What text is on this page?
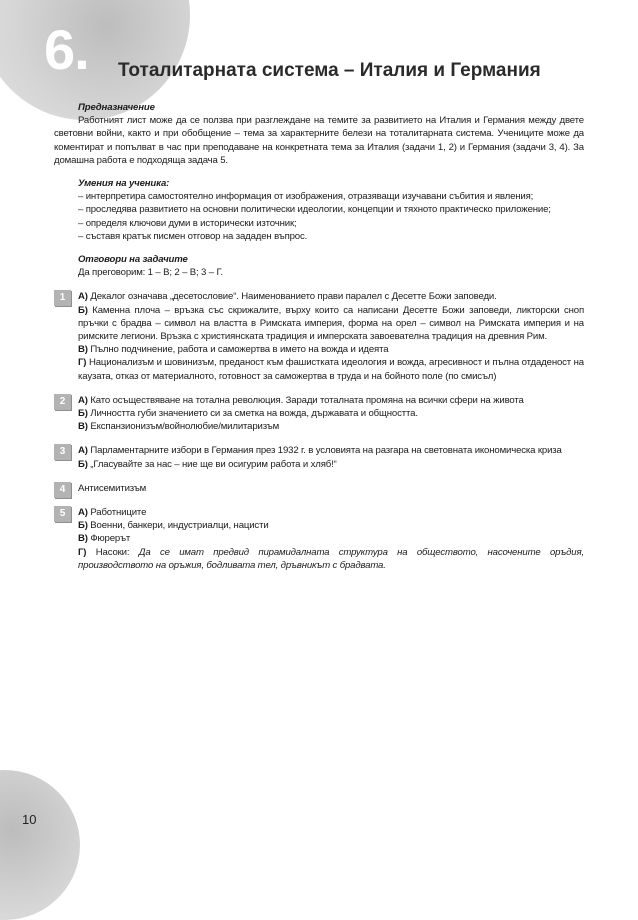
6. Тоталитарната система – Италия и Германия

Предназначение

Работният лист може да се ползва при разглеждане на темите за развитието на Италия и Германия между двете световни войни, както и при обобщение – тема за характерните белези на тоталитарната система. Учениците може да коментират и попълват в час при преподаване на конкретната тема за Италия (задачи 1, 2) и Германия (задачи 3, 4). За домашна работа е подходяща задача 5.

Умения на ученика:

– интерпретира самостоятелно информация от изображения, отразяващи изучавани събития и явления;

– проследява развитието на основни политически идеологии, концепции и тяхното практическо приложение;

– определя ключови думи в исторически източник;

– съставя кратък писмен отговор на зададен въпрос.

Отговори на задачите

Да преговорим: 1 – В; 2 – В; 3 – Г.

1	А) Декалог означава „десетословие“. Наименованието прави паралел с Десетте Божи заповеди.

Б) Каменна плоча – връзка със скрижалите, върху които са написани Десетте Божи заповеди, ликторски сноп пръчки с брадва – символ на властта в Римската империя, форма на орел – символ на Римската империя и на римските легиони. Връзка с християнската традиция и имперската завоевателна традиция на древния Рим.

В) Пълно подчинение, работа и саможертва в името на вожда и идеята

Г) Национализъм и шовинизъм, преданост към фашистката идеология и вожда, агресивност и пълна отдаденост на каузата, отказ от материалното, готовност за саможертва в труда и на бойното поле (по смисъл)

2	А) Като осъществяване на тотална революция. Заради тоталната промяна на всички сфери на живота

Б) Личността губи значението си за сметка на вожда, държавата и общността.

В) Експанзионизъм/войнолюбие/милитаризъм

3	А) Парламентарните избори в Германия през 1932 г. в условията на разгара на световната икономическа криза

Б) „Гласувайте за нас – ние ще ви осигурим работа и хляб!“

4	Антисемитизъм

5	А) Работниците

Б) Военни, банкери, индустриалци, нацисти

В) Фюрерът

Г) Насоки: Да се имат предвид пирамидалната структура на обществото, насочените оръдия, производството на оръжия, бодливата тел, дръвникът с брадвата.

10
